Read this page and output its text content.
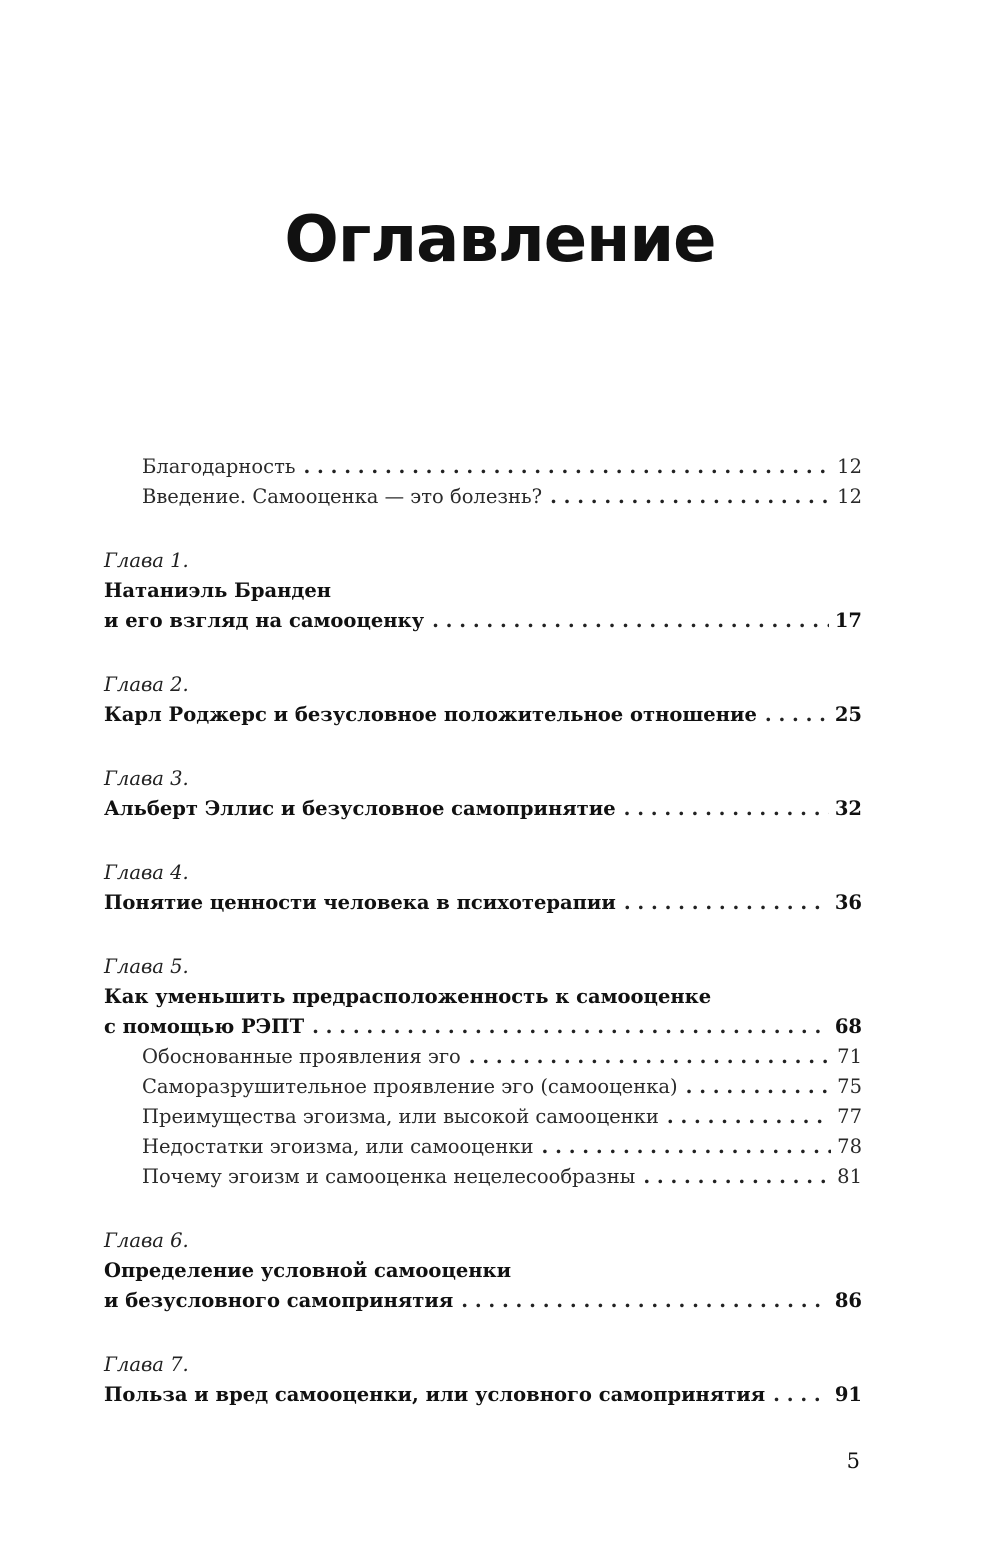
Оглавление
Благодарность . . .	12
Введение. Самооценка — это болезнь? . . .	12
Глава 1.
Натаниэль Бранден
и его взгляд на самооценку . . .	17
Глава 2.
Карл Роджерс и безусловное положительное отношение . . .	25
Глава 3.
Альберт Эллис и безусловное самопринятие . . .	32
Глава 4.
Понятие ценности человека в психотерапии . . .	36
Глава 5.
Как уменьшить предрасположенность к самооценке
с помощью РЭПТ . . .	68
Обоснованные проявления эго . . .	71
Саморазрушительное проявление эго (самооценка) . . .	75
Преимущества эгоизма, или высокой самооценки . . .	77
Недостатки эгоизма, или самооценки . . .	78
Почему эгоизм и самооценка нецелесообразны . . .	81
Глава 6.
Определение условной самооценки
и безусловного самопринятия . . .	86
Глава 7.
Польза и вред самооценки, или условного самопринятия . . .	91
5
